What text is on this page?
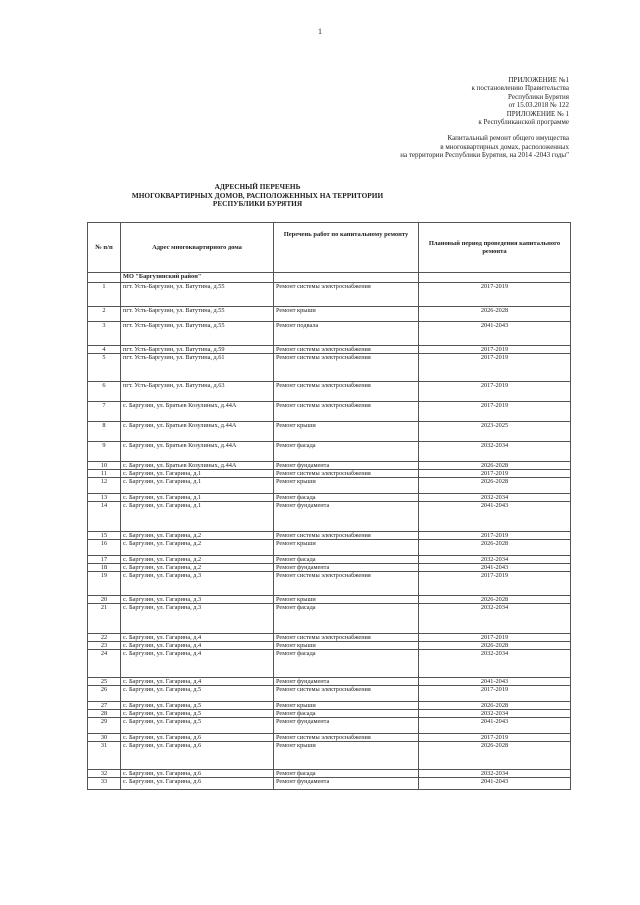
1
ПРИЛОЖЕНИЕ №1
к постановлению Правительства
Республики Бурятия
от 15.03.2018 № 122
ПРИЛОЖЕНИЕ № 1
к Республиканской программе
Капитальный ремонт общего имущества
в многоквартирных домах, расположенных
на территории Республики Бурятия, на 2014 -2043 годы"
АДРЕСНЫЙ ПЕРЕЧЕНЬ
МНОГОКВАРТИРНЫХ ДОМОВ, РАСПОЛОЖЕННЫХ НА ТЕРРИТОРИИ
РЕСПУБЛИКИ БУРЯТИЯ
№ п/п	Адрес многоквартирного дома	Перечень работ по капитальному ремонту	Плановый период проведения капитального ремонта
	МО "Баргузинский район"		
1	пгт. Усть-Баргузин, ул. Ватутина, д.55	Ремонт системы электроснабжения	2017-2019
2	пгт. Усть-Баргузин, ул. Ватутина, д.55	Ремонт крыши	2026-2028
3	пгт. Усть-Баргузин, ул. Ватутина, д.55	Ремонт подвала	2041-2043
4	пгт. Усть-Баргузин, ул. Ватутина, д.59	Ремонт системы электроснабжения	2017-2019
5	пгт. Усть-Баргузин, ул. Ватутина, д.61	Ремонт системы электроснабжения	2017-2019
6	пгт. Усть-Баргузин, ул. Ватутина, д.63	Ремонт системы электроснабжения	2017-2019
7	с. Баргузин, ул. Братьев Козулиных, д.44А	Ремонт системы электроснабжения	2017-2019
8	с. Баргузин, ул. Братьев Козулиных, д.44А	Ремонт крыши	2023-2025
9	с. Баргузин, ул. Братьев Козулиных, д.44А	Ремонт фасада	2032-2034
10	с. Баргузин, ул. Братьев Козулиных, д.44А	Ремонт фундамента	2026-2028
11	с. Баргузин, ул. Гагарина, д.1	Ремонт системы электроснабжения	2017-2019
12	с. Баргузин, ул. Гагарина, д.1	Ремонт крыши	2026-2028
13	с. Баргузин, ул. Гагарина, д.1	Ремонт фасада	2032-2034
14	с. Баргузин, ул. Гагарина, д.1	Ремонт фундамента	2041-2043
15	с. Баргузин, ул. Гагарина, д.2	Ремонт системы электроснабжения	2017-2019
16	с. Баргузин, ул. Гагарина, д.2	Ремонт крыши	2026-2028
17	с. Баргузин, ул. Гагарина, д.2	Ремонт фасада	2032-2034
18	с. Баргузин, ул. Гагарина, д.2	Ремонт фундамента	2041-2043
19	с. Баргузин, ул. Гагарина, д.3	Ремонт системы электроснабжения	2017-2019
20	с. Баргузин, ул. Гагарина, д.3	Ремонт крыши	2026-2028
21	с. Баргузин, ул. Гагарина, д.3	Ремонт фасада	2032-2034
22	с. Баргузин, ул. Гагарина, д.4	Ремонт системы электроснабжения	2017-2019
23	с. Баргузин, ул. Гагарина, д.4	Ремонт крыши	2026-2028
24	с. Баргузин, ул. Гагарина, д.4	Ремонт фасада	2032-2034
25	с. Баргузин, ул. Гагарина, д.4	Ремонт фундамента	2041-2043
26	с. Баргузин, ул. Гагарина, д.5	Ремонт системы электроснабжения	2017-2019
27	с. Баргузин, ул. Гагарина, д.5	Ремонт крыши	2026-2028
28	с. Баргузин, ул. Гагарина, д.5	Ремонт фасада	2032-2034
29	с. Баргузин, ул. Гагарина, д.5	Ремонт фундамента	2041-2043
30	с. Баргузин, ул. Гагарина, д.6	Ремонт системы электроснабжения	2017-2019
31	с. Баргузин, ул. Гагарина, д.6	Ремонт крыши	2026-2028
32	с. Баргузин, ул. Гагарина, д.6	Ремонт фасада	2032-2034
33	с. Баргузин, ул. Гагарина, д.6	Ремонт фундамента	2041-2043
